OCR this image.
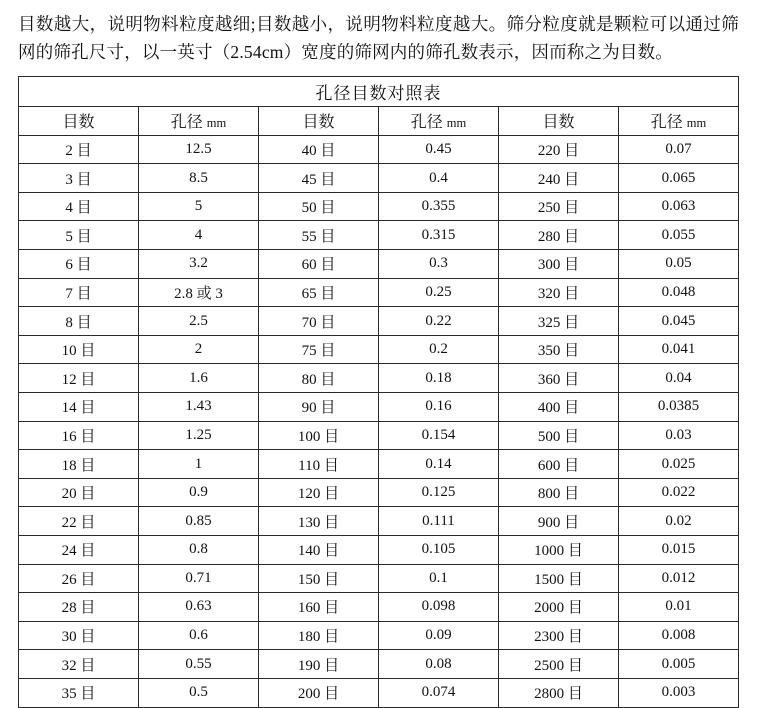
目数越大，说明物料粒度越细;目数越小，说明物料粒度越大。筛分粒度就是颗粒可以通过筛网的筛孔尺寸，以一英寸（2.54cm）宽度的筛网内的筛孔数表示，因而称之为目数。

孔径目数对照表					
目数	孔径 mm	目数	孔径 mm	目数	孔径 mm
2 目	12.5	40 目	0.45	220 目	0.07
3 目	8.5	45 目	0.4	240 目	0.065
4 目	5	50 目	0.355	250 目	0.063
5 目	4	55 目	0.315	280 目	0.055
6 目	3.2	60 目	0.3	300 目	0.05
7 目	2.8 或 3	65 目	0.25	320 目	0.048
8 目	2.5	70 目	0.22	325 目	0.045
10 目	2	75 目	0.2	350 目	0.041
12 目	1.6	80 目	0.18	360 目	0.04
14 目	1.43	90 目	0.16	400 目	0.0385
16 目	1.25	100 目	0.154	500 目	0.03
18 目	1	110 目	0.14	600 目	0.025
20 目	0.9	120 目	0.125	800 目	0.022
22 目	0.85	130 目	0.111	900 目	0.02
24 目	0.8	140 目	0.105	1000 目	0.015
26 目	0.71	150 目	0.1	1500 目	0.012
28 目	0.63	160 目	0.098	2000 目	0.01
30 目	0.6	180 目	0.09	2300 目	0.008
32 目	0.55	190 目	0.08	2500 目	0.005
35 目	0.5	200 目	0.074	2800 目	0.003
